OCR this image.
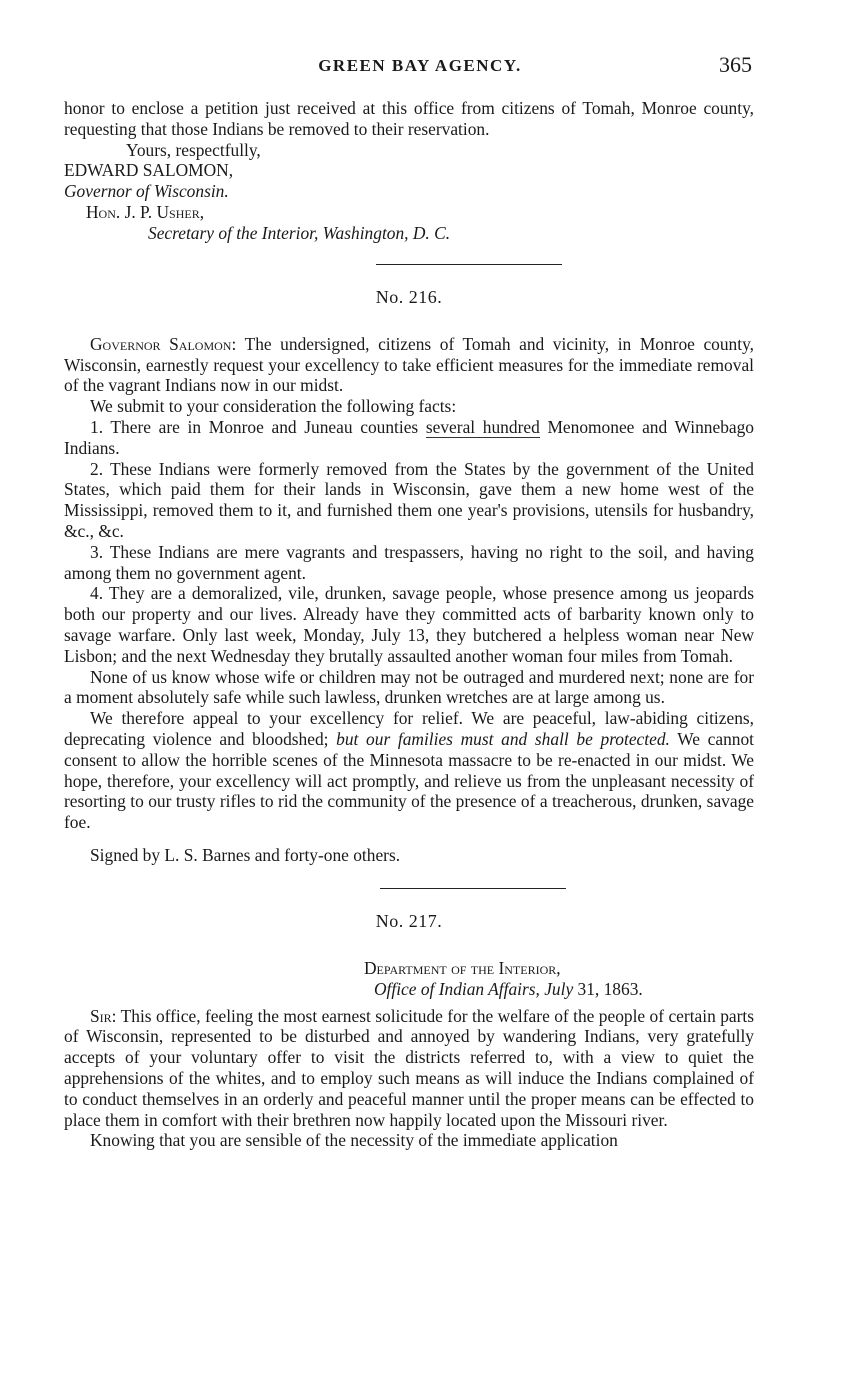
GREEN BAY AGENCY.	365

honor to enclose a petition just received at this office from citizens of Tomah, Monroe county, requesting that those Indians be removed to their reservation.

Yours, respectfully,

EDWARD SALOMON,

Governor of Wisconsin.

Hon. J. P. Usher,

Secretary of the Interior, Washington, D. C.

No. 216.

Governor Salomon: The undersigned, citizens of Tomah and vicinity, in Monroe county, Wisconsin, earnestly request your excellency to take efficient measures for the immediate removal of the vagrant Indians now in our midst.

We submit to your consideration the following facts:

1. There are in Monroe and Juneau counties several hundred Menomonee and Winnebago Indians.

2. These Indians were formerly removed from the States by the government of the United States, which paid them for their lands in Wisconsin, gave them a new home west of the Mississippi, removed them to it, and furnished them one year's provisions, utensils for husbandry, &c., &c.

3. These Indians are mere vagrants and trespassers, having no right to the soil, and having among them no government agent.

4. They are a demoralized, vile, drunken, savage people, whose presence among us jeopards both our property and our lives. Already have they committed acts of barbarity known only to savage warfare. Only last week, Monday, July 13, they butchered a helpless woman near New Lisbon; and the next Wednesday they brutally assaulted another woman four miles from Tomah.

None of us know whose wife or children may not be outraged and murdered next; none are for a moment absolutely safe while such lawless, drunken wretches are at large among us.

We therefore appeal to your excellency for relief. We are peaceful, law-abiding citizens, deprecating violence and bloodshed; but our families must and shall be protected. We cannot consent to allow the horrible scenes of the Minnesota massacre to be re-enacted in our midst. We hope, therefore, your excellency will act promptly, and relieve us from the unpleasant necessity of resorting to our trusty rifles to rid the community of the presence of a treacherous, drunken, savage foe.

Signed by L. S. Barnes and forty-one others.

No. 217.

Department of the Interior,

Office of Indian Affairs, July 31, 1863.

Sir: This office, feeling the most earnest solicitude for the welfare of the people of certain parts of Wisconsin, represented to be disturbed and annoyed by wandering Indians, very gratefully accepts of your voluntary offer to visit the districts referred to, with a view to quiet the apprehensions of the whites, and to employ such means as will induce the Indians complained of to conduct themselves in an orderly and peaceful manner until the proper means can be effected to place them in comfort with their brethren now happily located upon the Missouri river.

Knowing that you are sensible of the necessity of the immediate application
